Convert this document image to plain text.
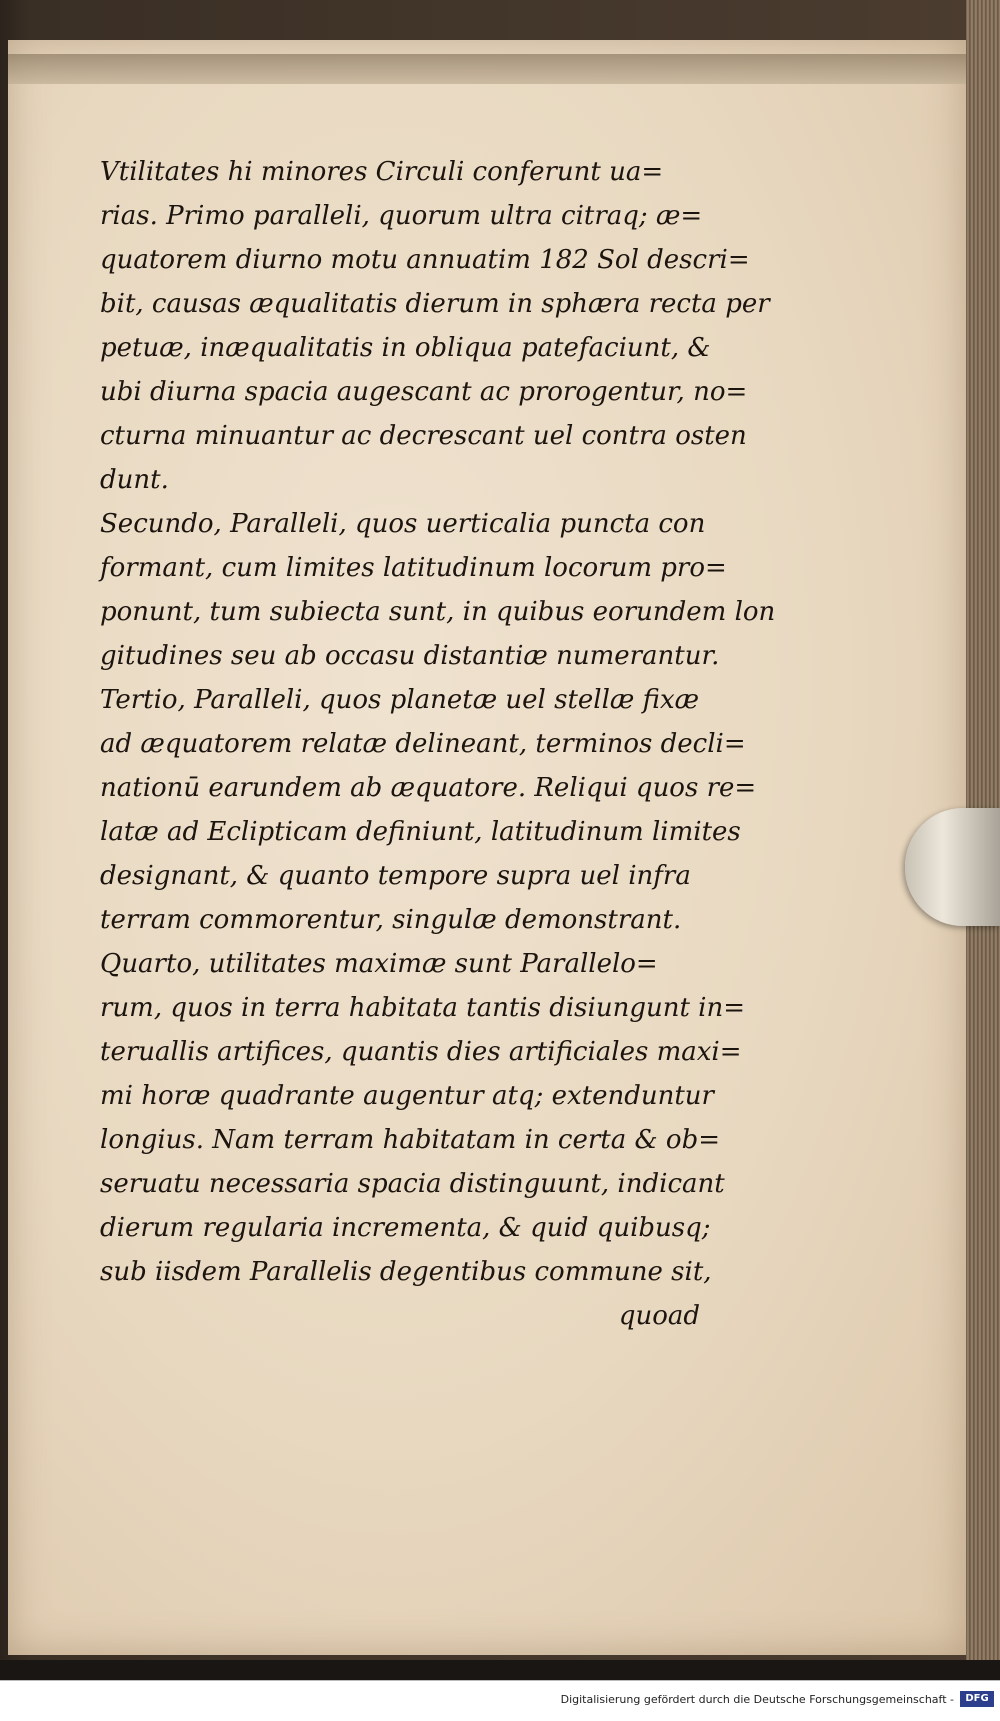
Vtilitates hi minores Circuli conferunt ua=
rias. Primo paralleli, quorum ultra citraq; æ=
quatorem diurno motu annuatim 182 Sol descri=
bit, causas æqualitatis dierum in sphæra recta per
petuæ, inæqualitatis in obliqua patefaciunt, &
ubi diurna spacia augescant ac prorogentur, no=
cturna minuantur ac decrescant uel contra osten
dunt.
Secundo, Paralleli, quos uerticalia puncta con
formant, cum limites latitudinum locorum pro=
ponunt, tum subiecta sunt, in quibus eorundem lon
gitudines seu ab occasu distantiæ numerantur.
Tertio, Paralleli, quos planetæ uel stellæ fixæ
ad æquatorem relatæ delineant, terminos decli=
nationū earundem ab æquatore. Reliqui quos re=
latæ ad Eclipticam definiunt, latitudinum limites
designant, & quanto tempore supra uel infra
terram commorentur, singulæ demonstrant.
Quarto, utilitates maximæ sunt Parallelo=
rum, quos in terra habitata tantis disiungunt in=
teruallis artifices, quantis dies artificiales maxi=
mi horæ quadrante augentur atq; extenduntur
longius. Nam terram habitatam in certa & ob=
seruatu necessaria spacia distinguunt, indicant
dierum regularia incrementa, & quid quibusq;
sub iisdem Parallelis degentibus commune sit,
quoad
Digitalisierung gefördert durch die Deutsche Forschungsgemeinschaft -	DFG
